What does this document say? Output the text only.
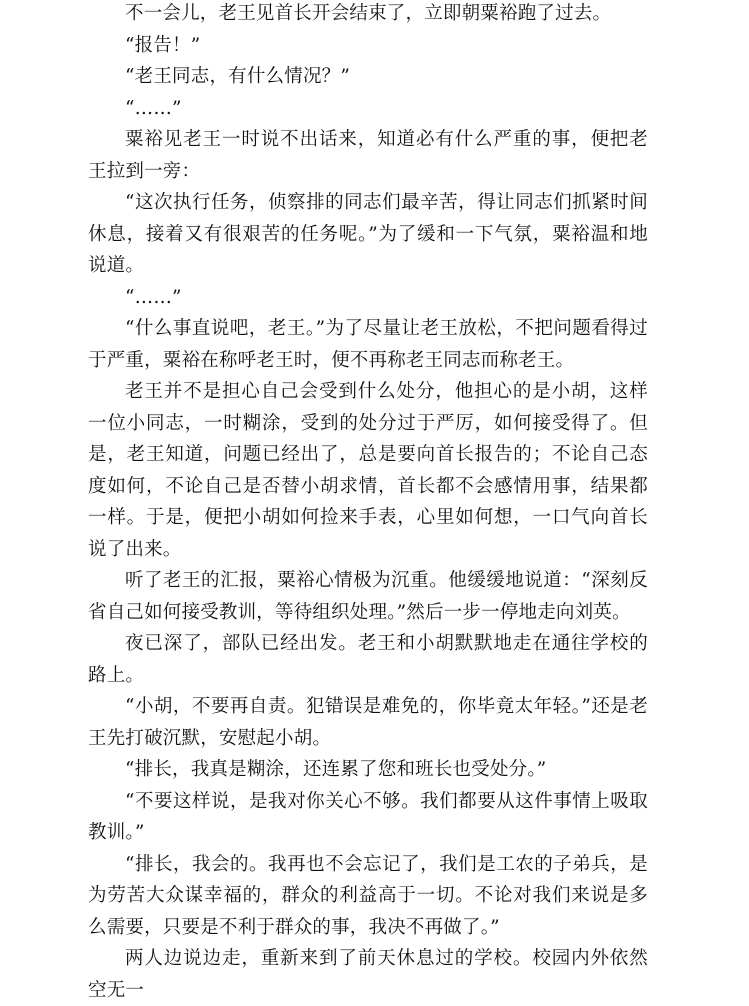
不一会儿，老王见首长开会结束了，立即朝粟裕跑了过去。

“报告！”

“老王同志，有什么情况？”

“……”

粟裕见老王一时说不出话来，知道必有什么严重的事，便把老王拉到一旁：

“这次执行任务，侦察排的同志们最辛苦，得让同志们抓紧时间休息，接着又有很艰苦的任务呢。”为了缓和一下气氛，粟裕温和地说道。

“……”

“什么事直说吧，老王。”为了尽量让老王放松，不把问题看得过于严重，粟裕在称呼老王时，便不再称老王同志而称老王。

老王并不是担心自己会受到什么处分，他担心的是小胡，这样一位小同志，一时糊涂，受到的处分过于严厉，如何接受得了。但是，老王知道，问题已经出了，总是要向首长报告的；不论自己态度如何，不论自己是否替小胡求情，首长都不会感情用事，结果都一样。于是，便把小胡如何捡来手表，心里如何想，一口气向首长说了出来。

听了老王的汇报，粟裕心情极为沉重。他缓缓地说道：“深刻反省自己如何接受教训，等待组织处理。”然后一步一停地走向刘英。

夜已深了，部队已经出发。老王和小胡默默地走在通往学校的路上。

“小胡，不要再自责。犯错误是难免的，你毕竟太年轻。”还是老王先打破沉默，安慰起小胡。

“排长，我真是糊涂，还连累了您和班长也受处分。”

“不要这样说，是我对你关心不够。我们都要从这件事情上吸取教训。”

“排长，我会的。我再也不会忘记了，我们是工农的子弟兵，是为劳苦大众谋幸福的，群众的利益高于一切。不论对我们来说是多么需要，只要是不利于群众的事，我决不再做了。”

两人边说边走，重新来到了前天休息过的学校。校园内外依然空无一
